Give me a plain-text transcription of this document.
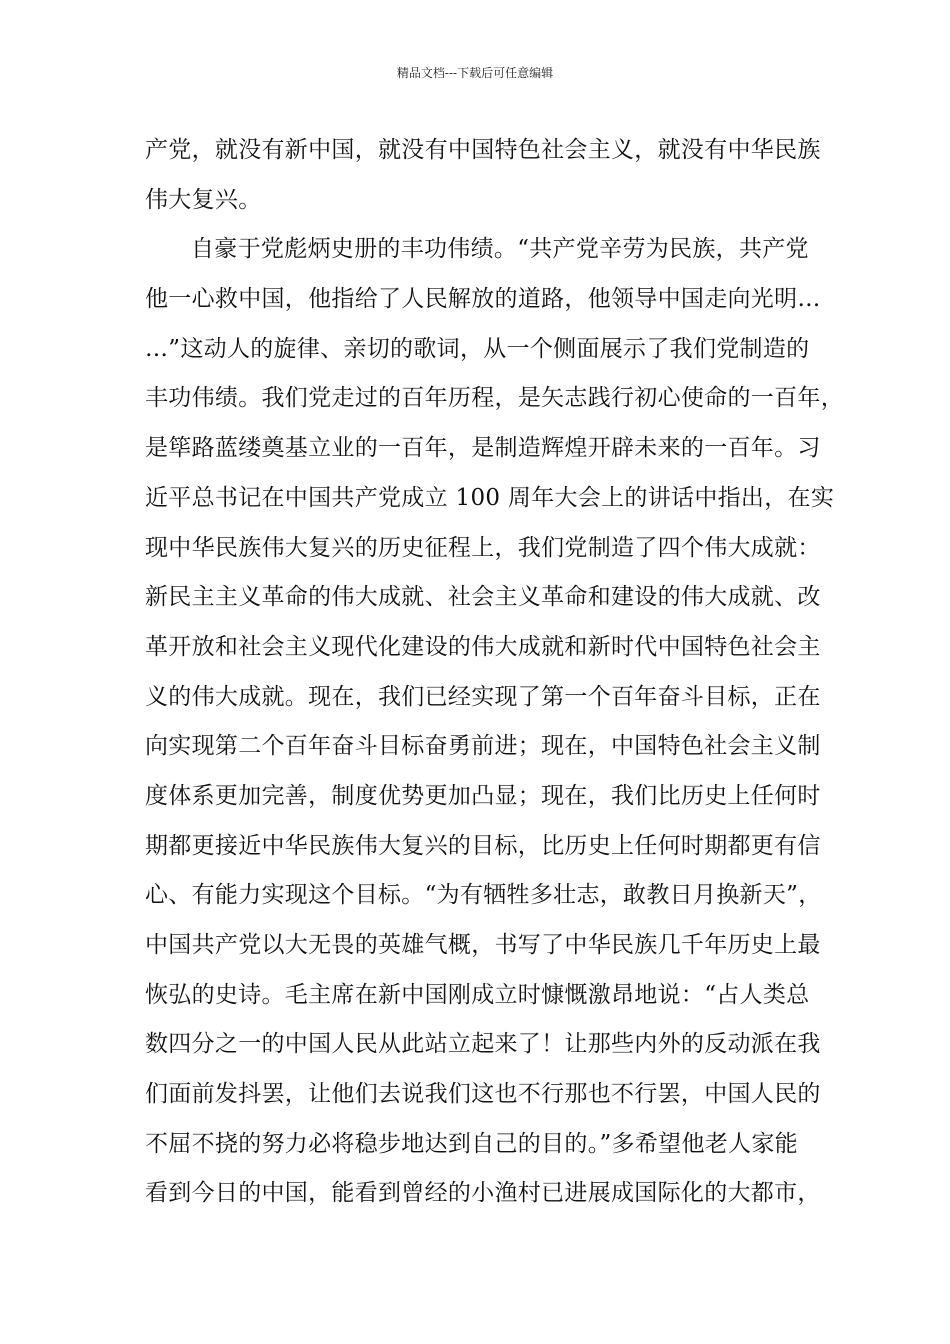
精品文档---下载后可任意编辑
产党，就没有新中国，就没有中国特色社会主义，就没有中华民族
伟大复兴。
自豪于党彪炳史册的丰功伟绩。“共产党辛劳为民族，共产党
他一心救中国，他指给了人民解放的道路，他领导中国走向光明…
…”这动人的旋律、亲切的歌词，从一个侧面展示了我们党制造的
丰功伟绩。我们党走过的百年历程，是矢志践行初心使命的一百年，
是筚路蓝缕奠基立业的一百年，是制造辉煌开辟未来的一百年。习
近平总书记在中国共产党成立 100 周年大会上的讲话中指出，在实
现中华民族伟大复兴的历史征程上，我们党制造了四个伟大成就：
新民主主义革命的伟大成就、社会主义革命和建设的伟大成就、改
革开放和社会主义现代化建设的伟大成就和新时代中国特色社会主
义的伟大成就。现在，我们已经实现了第一个百年奋斗目标，正在
向实现第二个百年奋斗目标奋勇前进；现在，中国特色社会主义制
度体系更加完善，制度优势更加凸显；现在，我们比历史上任何时
期都更接近中华民族伟大复兴的目标，比历史上任何时期都更有信
心、有能力实现这个目标。“为有牺牲多壮志，敢教日月换新天”，
中国共产党以大无畏的英雄气概，书写了中华民族几千年历史上最
恢弘的史诗。毛主席在新中国刚成立时慷慨激昂地说：“占人类总
数四分之一的中国人民从此站立起来了！让那些内外的反动派在我
们面前发抖罢，让他们去说我们这也不行那也不行罢，中国人民的
不屈不挠的努力必将稳步地达到自己的目的。”多希望他老人家能
看到今日的中国，能看到曾经的小渔村已进展成国际化的大都市，
